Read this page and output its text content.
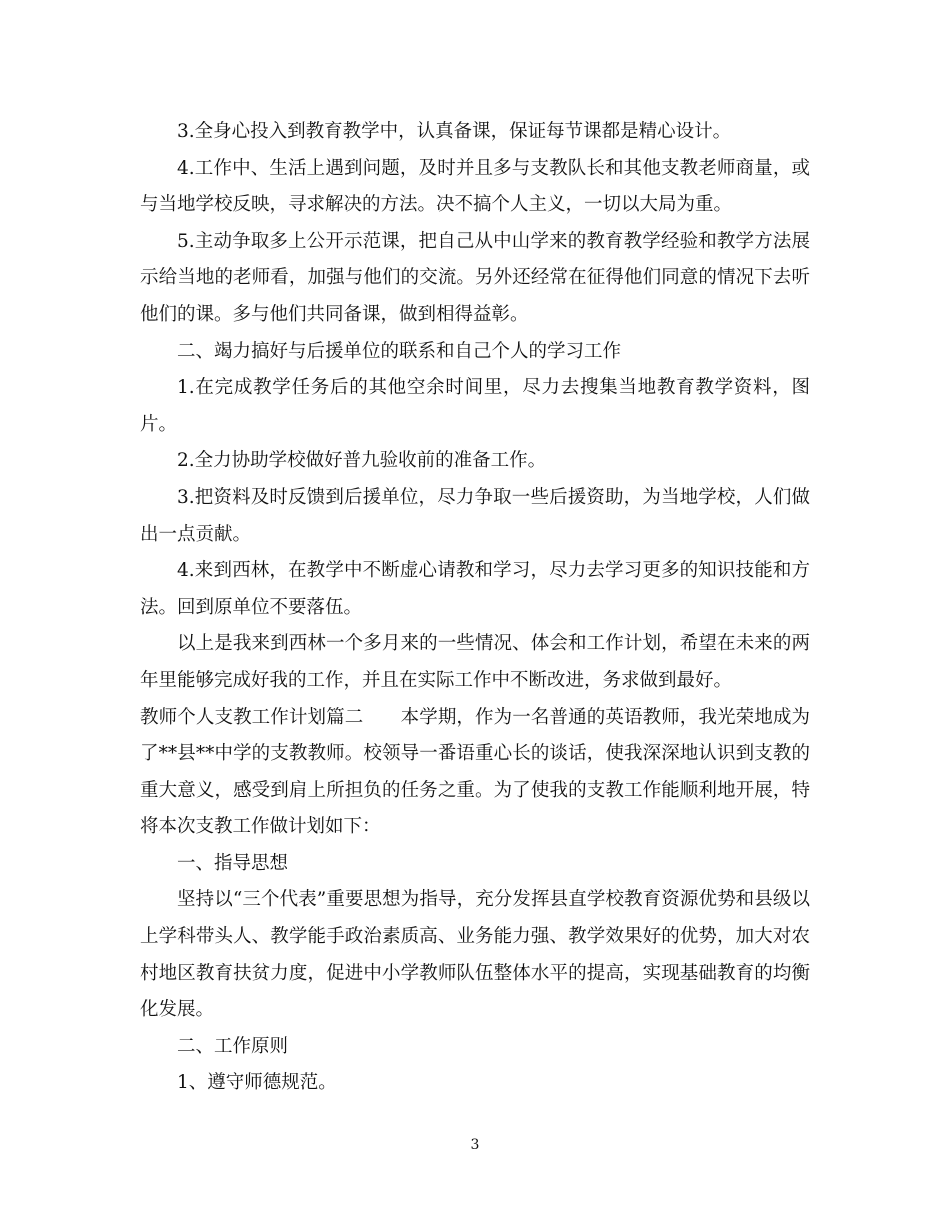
3.全身心投入到教育教学中，认真备课，保证每节课都是精心设计。

4.工作中、生活上遇到问题，及时并且多与支教队长和其他支教老师商量，或与当地学校反映，寻求解决的方法。决不搞个人主义，一切以大局为重。

5.主动争取多上公开示范课，把自己从中山学来的教育教学经验和教学方法展示给当地的老师看，加强与他们的交流。另外还经常在征得他们同意的情况下去听他们的课。多与他们共同备课，做到相得益彰。

二、竭力搞好与后援单位的联系和自己个人的学习工作

1.在完成教学任务后的其他空余时间里，尽力去搜集当地教育教学资料，图片。

2.全力协助学校做好普九验收前的准备工作。

3.把资料及时反馈到后援单位，尽力争取一些后援资助，为当地学校，人们做出一点贡献。

4.来到西林，在教学中不断虚心请教和学习，尽力去学习更多的知识技能和方法。回到原单位不要落伍。

以上是我来到西林一个多月来的一些情况、体会和工作计划，希望在未来的两年里能够完成好我的工作，并且在实际工作中不断改进，务求做到最好。

教师个人支教工作计划篇二　　本学期，作为一名普通的英语教师，我光荣地成为了**县**中学的支教教师。校领导一番语重心长的谈话，使我深深地认识到支教的重大意义，感受到肩上所担负的任务之重。为了使我的支教工作能顺利地开展，特将本次支教工作做计划如下：

一、指导思想

坚持以“三个代表”重要思想为指导，充分发挥县直学校教育资源优势和县级以上学科带头人、教学能手政治素质高、业务能力强、教学效果好的优势，加大对农村地区教育扶贫力度，促进中小学教师队伍整体水平的提高，实现基础教育的均衡化发展。

二、工作原则

1、遵守师德规范。

3
